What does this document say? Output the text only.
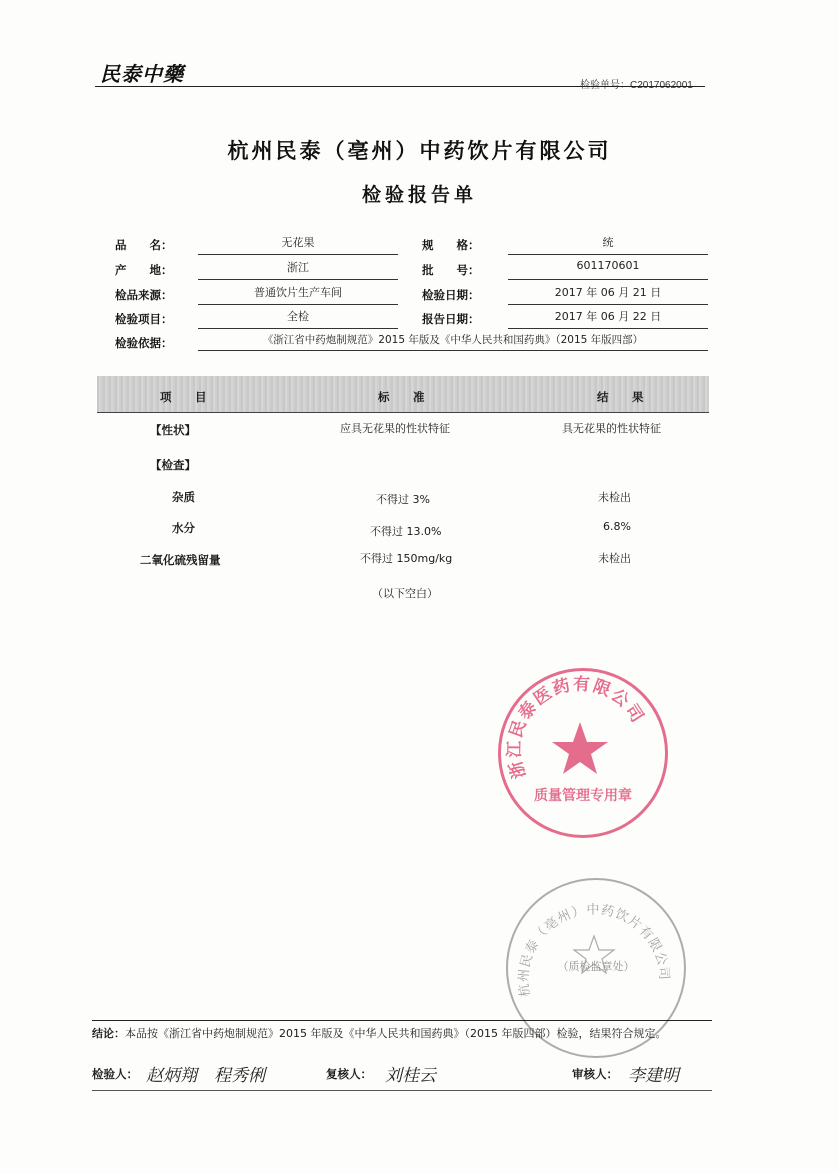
民泰中藥	检验单号：C2017062001
杭州民泰（亳州）中药饮片有限公司
检验报告单
品　　名：	无花果	规　　格：	统
产　　地：	浙江	批　　号：	601170601
检品来源：	普通饮片生产车间	检验日期：	2017 年 06 月 21 日
检验项目：	全检	报告日期：	2017 年 06 月 22 日
检验依据：	《浙江省中药炮制规范》2015 年版及《中华人民共和国药典》（2015 年版四部）
项　目	标　准	结　果
【性状】	应具无花果的性状特征	具无花果的性状特征
【检查】
杂质	不得过 3%	未检出
水分	不得过 13.0%	6.8%
二氧化硫残留量	不得过 150mg/kg	未检出
（以下空白）
浙江民泰医药有限公司
质量管理专用章
杭州民泰（亳州）中药饮片有限公司
（质检监章处）
结论：本品按《浙江省中药炮制规范》2015 年版及《中华人民共和国药典》（2015 年版四部）检验，结果符合规定。
检验人： 赵炳翔　程秀俐	复核人： 刘桂云	审核人： 李建明
